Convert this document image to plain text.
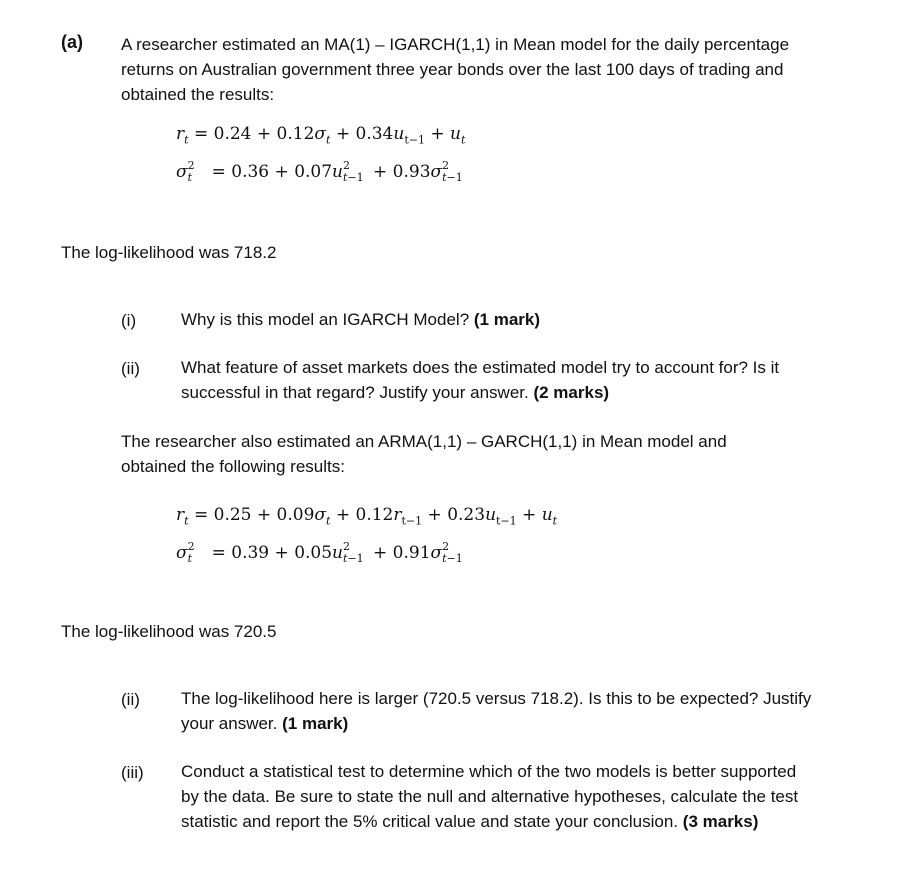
(a) A researcher estimated an MA(1) – IGARCH(1,1) in Mean model for the daily percentage returns on Australian government three year bonds over the last 100 days of trading and obtained the results:
$r_t = 0.24 + 0.12\sigma_t + 0.34u_{t-1} + u_t$
σ 2
t = 0.36 + 0.07u 2
t−1 + 0.93σ 2
t−1
The log-likelihood was 718.2
(i)	Why is this model an IGARCH Model? (1 mark)
(ii) What feature of asset markets does the estimated model try to account for? Is it successful in that regard? Justify your answer. (2 marks)
The researcher also estimated an ARMA(1,1) – GARCH(1,1) in Mean model and obtained the following results:
$r_t = 0.25 + 0.09\sigma_t + 0.12r_{t-1} + 0.23u_{t-1} + u_t$
σ 2
t = 0.39 + 0.05u 2
t−1 + 0.91σ 2
t−1
The log-likelihood was 720.5
(ii) The log-likelihood here is larger (720.5 versus 718.2). Is this to be expected? Justify your answer. (1 mark)
(iii) Conduct a statistical test to determine which of the two models is better supported by the data. Be sure to state the null and alternative hypotheses, calculate the test statistic and report the 5% critical value and state your conclusion. (3 marks)
